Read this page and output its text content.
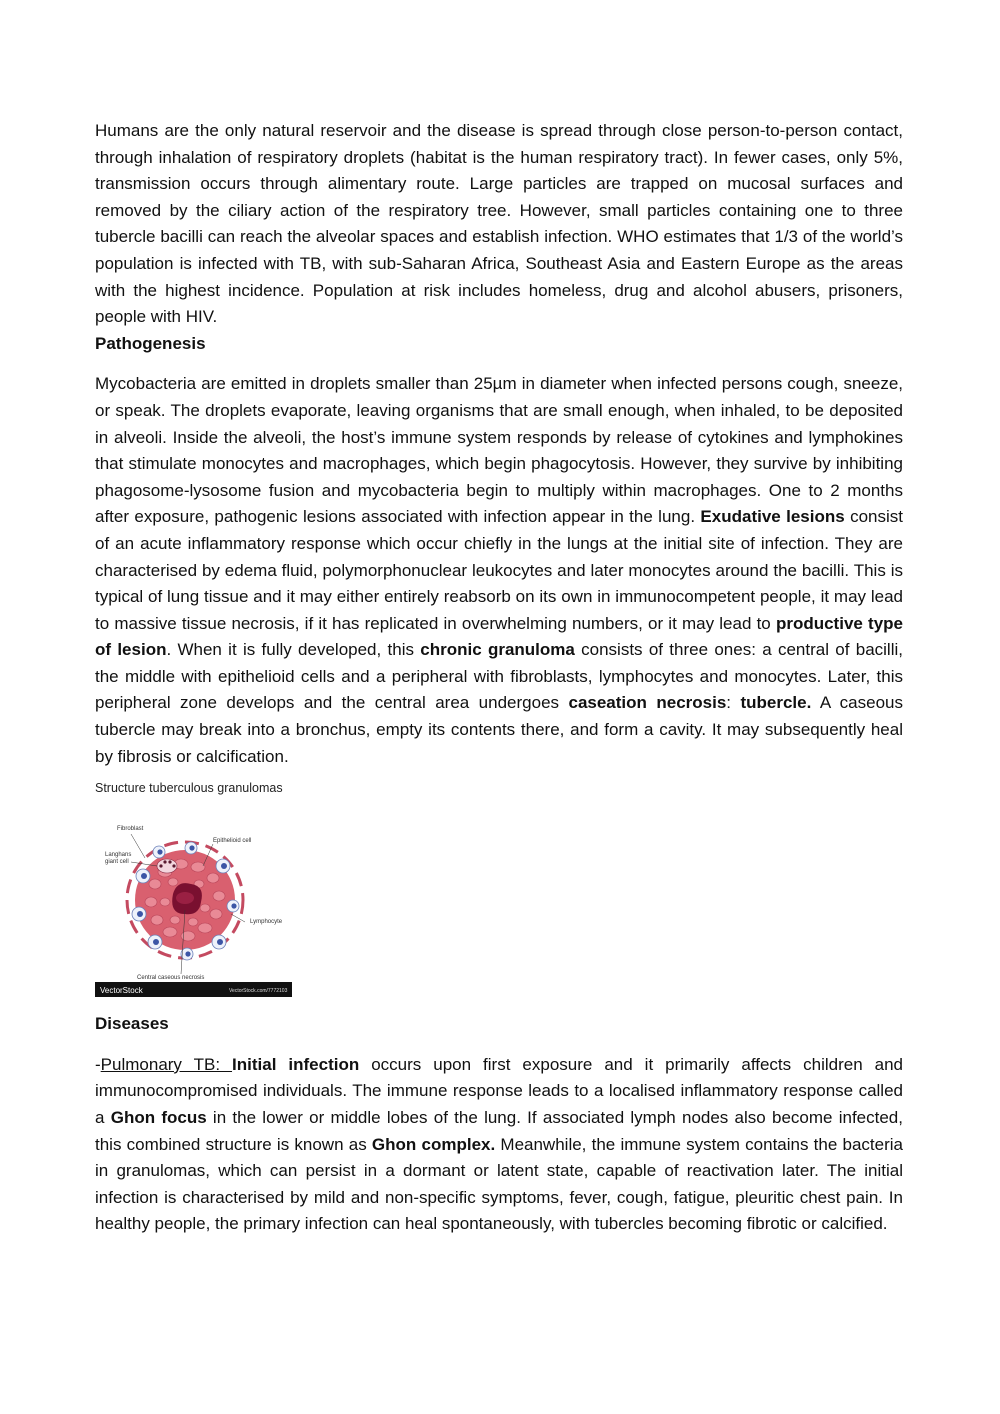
Humans are the only natural reservoir and the disease is spread through close person-to-person contact, through inhalation of respiratory droplets (habitat is the human respiratory tract). In fewer cases, only 5%, transmission occurs through alimentary route. Large particles are trapped on mucosal surfaces and removed by the ciliary action of the respiratory tree. However, small particles containing one to three tubercle bacilli can reach the alveolar spaces and establish infection. WHO estimates that 1/3 of the world’s population is infected with TB, with sub-Saharan Africa, Southeast Asia and Eastern Europe as the areas with the highest incidence. Population at risk includes homeless, drug and alcohol abusers, prisoners, people with HIV.

Pathogenesis

Mycobacteria are emitted in droplets smaller than 25µm in diameter when infected persons cough, sneeze, or speak. The droplets evaporate, leaving organisms that are small enough, when inhaled, to be deposited in alveoli. Inside the alveoli, the host’s immune system responds by release of cytokines and lymphokines that stimulate monocytes and macrophages, which begin phagocytosis. However, they survive by inhibiting phagosome-lysosome fusion and mycobacteria begin to multiply within macrophages. One to 2 months after exposure, pathogenic lesions associated with infection appear in the lung. Exudative lesions consist of an acute inflammatory response which occur chiefly in the lungs at the initial site of infection. They are characterised by edema fluid, polymorphonuclear leukocytes and later monocytes around the bacilli. This is typical of lung tissue and it may either entirely reabsorb on its own in immunocompetent people, it may lead to massive tissue necrosis, if it has replicated in overwhelming numbers, or it may lead to productive type of lesion. When it is fully developed, this chronic granuloma consists of three ones: a central of bacilli, the middle with epithelioid cells and a peripheral with fibroblasts, lymphocytes and monocytes. Later, this peripheral zone develops and the central area undergoes caseation necrosis: tubercle. A caseous tubercle may break into a bronchus, empty its contents there, and form a cavity. It may subsequently heal by fibrosis or calcification.

Structure tuberculous granulomas
Fibroblast
Epithelioid cell
Langhans
giant cell
Lymphocyte
Central caseous necrosis
VectorStock	VectorStock.com/7772103
Diseases

-Pulmonary TB: Initial infection occurs upon first exposure and it primarily affects children and immunocompromised individuals. The immune response leads to a localised inflammatory response called a Ghon focus in the lower or middle lobes of the lung. If associated lymph nodes also become infected, this combined structure is known as Ghon complex. Meanwhile, the immune system contains the bacteria in granulomas, which can persist in a dormant or latent state, capable of reactivation later. The initial infection is characterised by mild and non-specific symptoms, fever, cough, fatigue, pleuritic chest pain. In healthy people, the primary infection can heal spontaneously, with tubercles becoming fibrotic or calcified.
